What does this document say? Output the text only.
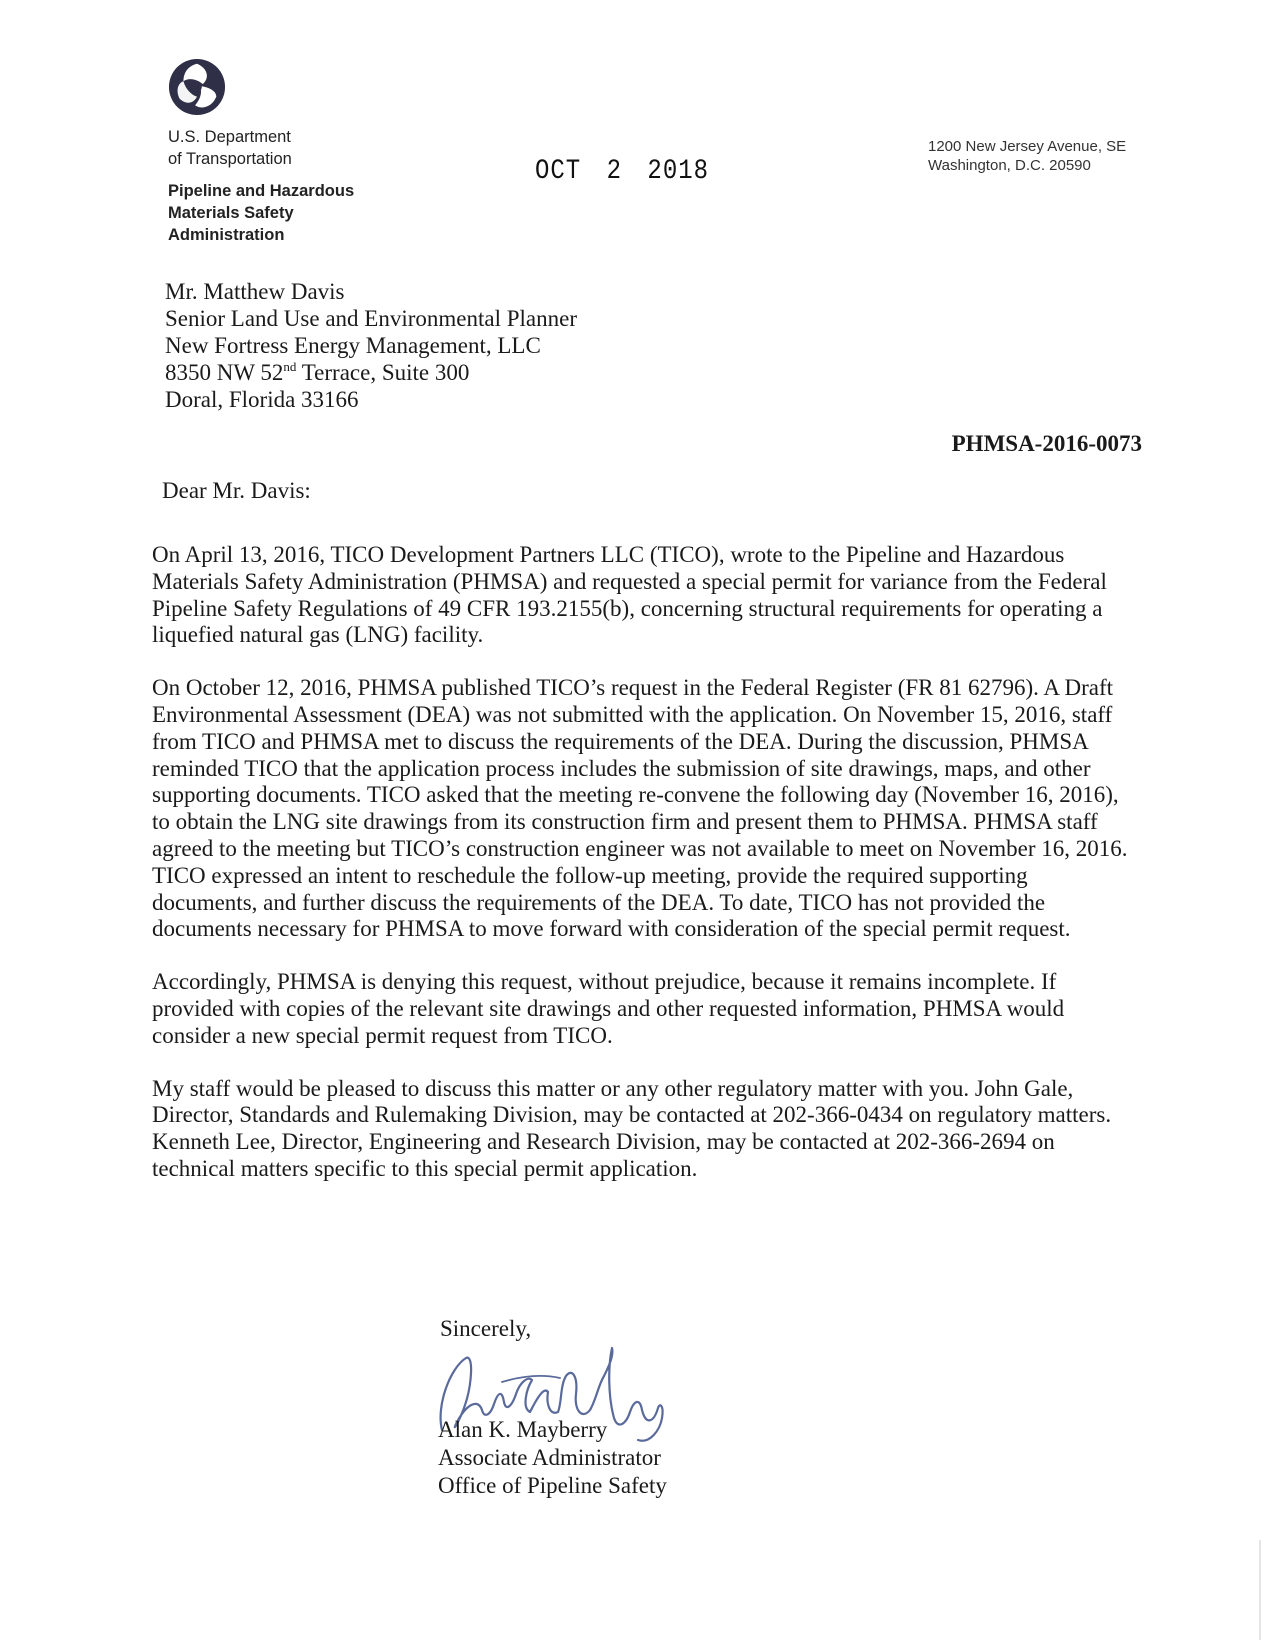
U.S. Department
of Transportation
Pipeline and Hazardous
Materials Safety
Administration
OCT 2 2018
1200 New Jersey Avenue, SE
Washington, D.C. 20590
Mr. Matthew Davis
Senior Land Use and Environmental Planner
New Fortress Energy Management, LLC
8350 NW 52nd Terrace, Suite 300
Doral, Florida 33166
PHMSA-2016-0073
Dear Mr. Davis:

On April 13, 2016, TICO Development Partners LLC (TICO), wrote to the Pipeline and Hazardous Materials Safety Administration (PHMSA) and requested a special permit for variance from the Federal Pipeline Safety Regulations of 49 CFR 193.2155(b), concerning structural requirements for operating a liquefied natural gas (LNG) facility.

On October 12, 2016, PHMSA published TICO’s request in the Federal Register (FR 81 62796). A Draft Environmental Assessment (DEA) was not submitted with the application. On November 15, 2016, staff from TICO and PHMSA met to discuss the requirements of the DEA. During the discussion, PHMSA reminded TICO that the application process includes the submission of site drawings, maps, and other supporting documents. TICO asked that the meeting re-convene the following day (November 16, 2016), to obtain the LNG site drawings from its construction firm and present them to PHMSA. PHMSA staff agreed to the meeting but TICO’s construction engineer was not available to meet on November 16, 2016. TICO expressed an intent to reschedule the follow-up meeting, provide the required supporting documents, and further discuss the requirements of the DEA. To date, TICO has not provided the documents necessary for PHMSA to move forward with consideration of the special permit request.

Accordingly, PHMSA is denying this request, without prejudice, because it remains incomplete. If provided with copies of the relevant site drawings and other requested information, PHMSA would consider a new special permit request from TICO.

My staff would be pleased to discuss this matter or any other regulatory matter with you. John Gale, Director, Standards and Rulemaking Division, may be contacted at 202-366-0434 on regulatory matters. Kenneth Lee, Director, Engineering and Research Division, may be contacted at 202-366-2694 on technical matters specific to this special permit application.

Sincerely,
Alan K. Mayberry
Associate Administrator
Office of Pipeline Safety
